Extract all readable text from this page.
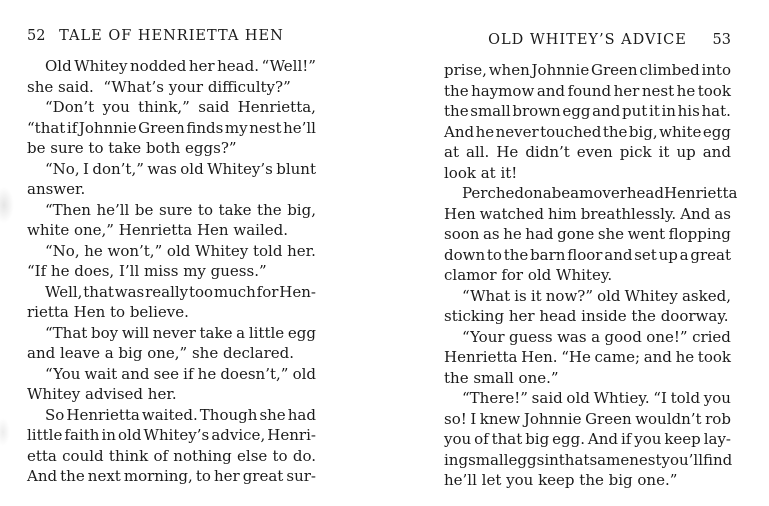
52 TALE OF HENRIETTA HEN
Old Whitey nodded her head. “Well!”
she said.  “What’s your difficulty?”
“Don’t you think,” said Henrietta,
“that if Johnnie Green finds my nest he’ll
be sure to take both eggs?”
“No, I don’t,” was old Whitey’s blunt
answer.
“Then he’ll be sure to take the big,
white one,” Henrietta Hen wailed.
“No, he won’t,” old Whitey told her.
“If he does, I’ll miss my guess.”
Well, that was really too much for Hen-
rietta Hen to believe.
“That boy will never take a little egg
and leave a big one,” she declared.
“You wait and see if he doesn’t,” old
Whitey advised her.
So Henrietta waited. Though she had
little faith in old Whitey’s advice, Henri-
etta could think of nothing else to do.
And the next morning, to her great sur-
53
OLD WHITEY’S ADVICE
prise, when Johnnie Green climbed into
the haymow and found her nest he took
the small brown egg and put it in his hat.
And he never touched the big, white egg
at all. He didn’t even pick it up and
look at it!
Perched on a beam overhead Henrietta
Hen watched him breathlessly. And as
soon as he had gone she went flopping
down to the barn floor and set up a great
clamor for old Whitey.
“What is it now?” old Whitey asked,
sticking her head inside the doorway.
“Your guess was a good one!” cried
Henrietta Hen. “He came; and he took
the small one.”
“There!” said old Whtiey. “I told you
so! I knew Johnnie Green wouldn’t rob
you of that big egg. And if you keep lay-
ing small eggs in that same nest you’ll find
he’ll let you keep the big one.”
